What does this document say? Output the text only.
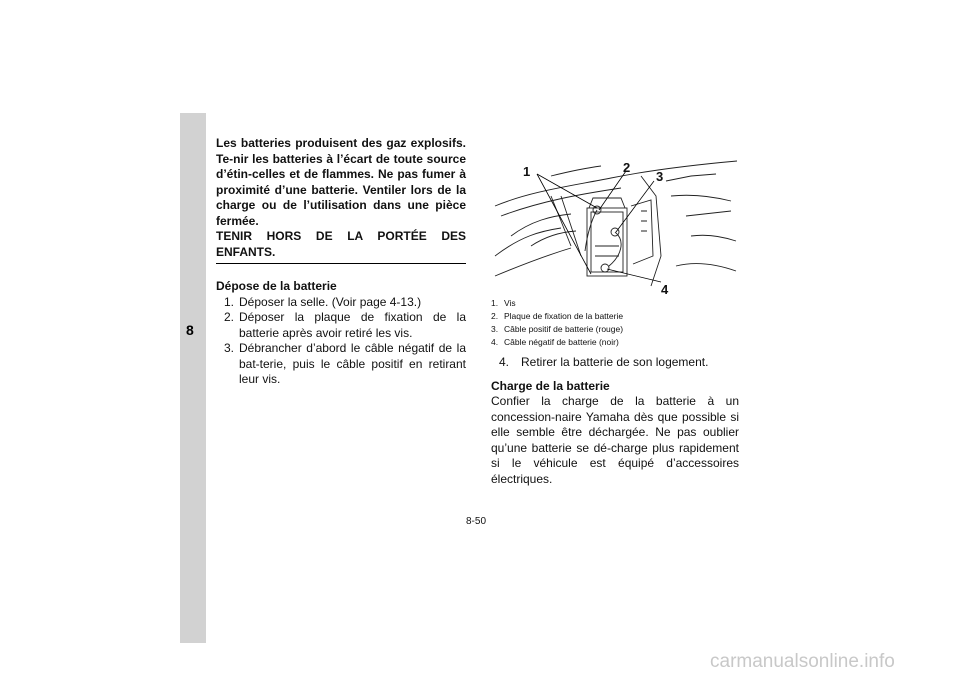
8

Les batteries produisent des gaz explosifs. Te-nir les batteries à l’écart de toute source d’étin-celles et de flammes. Ne pas fumer à proximité d’une batterie. Ventiler lors de la charge ou de l’utilisation dans une pièce fermée.

TENIR HORS DE LA PORTÉE DES ENFANTS.

Dépose de la batterie
1. Déposer la selle. (Voir page 4-13.)
2. Déposer la plaque de fixation de la batterie après avoir retiré les vis.
3. Débrancher d’abord le câble négatif de la bat-terie, puis le câble positif en retirant leur vis.
1	2
3
4
1. Vis
2. Plaque de fixation de la batterie
3. Câble positif de batterie (rouge)
4. Câble négatif de batterie (noir)
4. Retirer la batterie de son logement.
Charge de la batterie

Confier la charge de la batterie à un concession-naire Yamaha dès que possible si elle semble être déchargée. Ne pas oublier qu’une batterie se dé-charge plus rapidement si le véhicule est équipé d’accessoires électriques.

8-50
carmanualsonline.info
